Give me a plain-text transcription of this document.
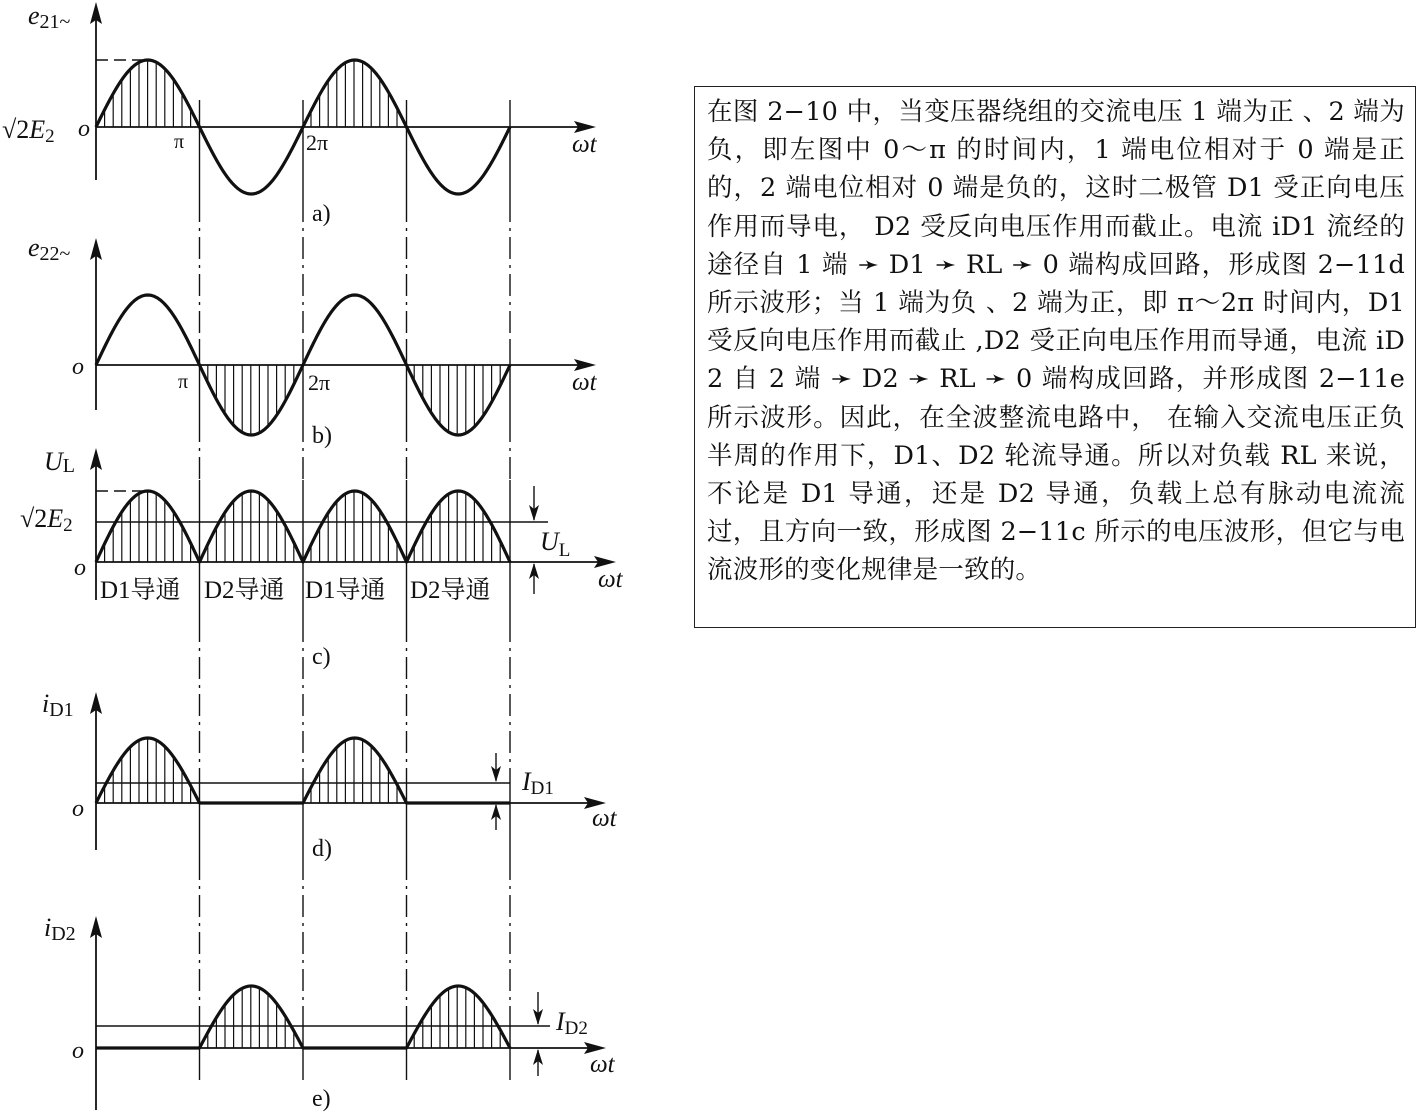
e21~
√2E2 o	π	2π	ωt
a)
e22~
o
π	2π	ωt
b)
UL
√2E2
$U_L$
o
D1导通 D2导通 D1导通 D2导通	ωt
c)
iD1
ID1
o	ωt
d)
iD2
ID2
o	ωt
e)

在图 2−10 中，当变压器绕组的交流电压 1 端为正 、2 端为负，即左图中 0～π 的时间内，1 端电位相对于 0 端是正的，2 端电位相对 0 端是负的，这时二极管 D1 受正向电压作用而导电， D2 受反向电压作用而截止。电流 iD1 流经的途径自 1 端 ➛ D1 ➛ RL ➛ 0 端构成回路，形成图 2−11d 所示波形；当 1 端为负 、2 端为正，即 π～2π 时间内，D1 受反向电压作用而截止 ,D2 受正向电压作用而导通，电流 iD2 自 2 端 ➛ D2 ➛ RL ➛ 0 端构成回路，并形成图 2−11e 所示波形。因此，在全波整流电路中， 在输入交流电压正负半周的作用下，D1、D2 轮流导通。所以对负载 RL 来说，不论是 D1 导通，还是 D2 导通，负载上总有脉动电流流过，且方向一致，形成图 2−11c 所示的电压波形，但它与电流波形的变化规律是一致的。
